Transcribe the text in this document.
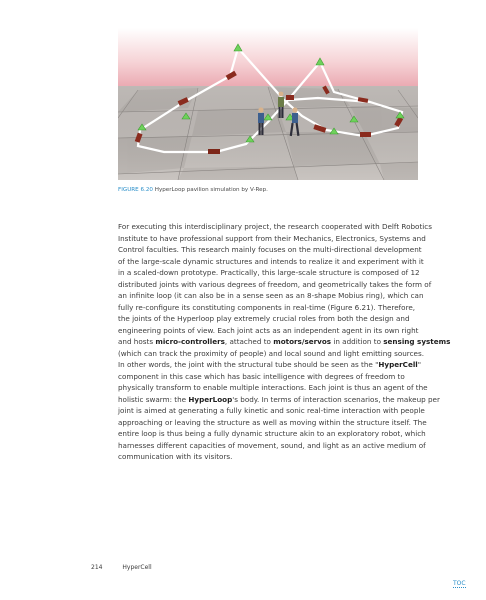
FIGURE 6.20 HyperLoop pavilion simulation by V-Rep.
For executing this interdisciplinary project, the research cooperated with Delft Robotics
Institute to have professional support from their Mechanics, Electronics, Systems and
Control faculties. This research mainly focuses on the multi-directional development
of the large-scale dynamic structures and intends to realize it and experiment with it
in a scaled-down prototype. Practically, this large-scale structure is composed of 12
distributed joints with various degrees of freedom, and geometrically takes the form of
an infinite loop (it can also be in a sense seen as an 8-shape Mobius ring), which can
fully re-configure its constituting components in real-time (Figure 6.21). Therefore,
the joints of the Hyperloop play extremely crucial roles from both the design and
engineering points of view. Each joint acts as an independent agent in its own right
and hosts micro-controllers, attached to motors/servos in addition to sensing systems
(which can track the proximity of people) and local sound and light emitting sources.
In other words, the joint with the structural tube should be seen as the "HyperCell"
component in this case which has basic intelligence with degrees of freedom to
physically transform to enable multiple interactions. Each joint is thus an agent of the
holistic swarm: the HyperLoop's body. In terms of interaction scenarios, the makeup per
joint is aimed at generating a fully kinetic and sonic real-time interaction with people
approaching or leaving the structure as well as moving within the structure itself. The
entire loop is thus being a fully dynamic structure akin to an exploratory robot, which
harnesses different capacities of movement, sound, and light as an active medium of
communication with its visitors.
214	HyperCell
TOC
